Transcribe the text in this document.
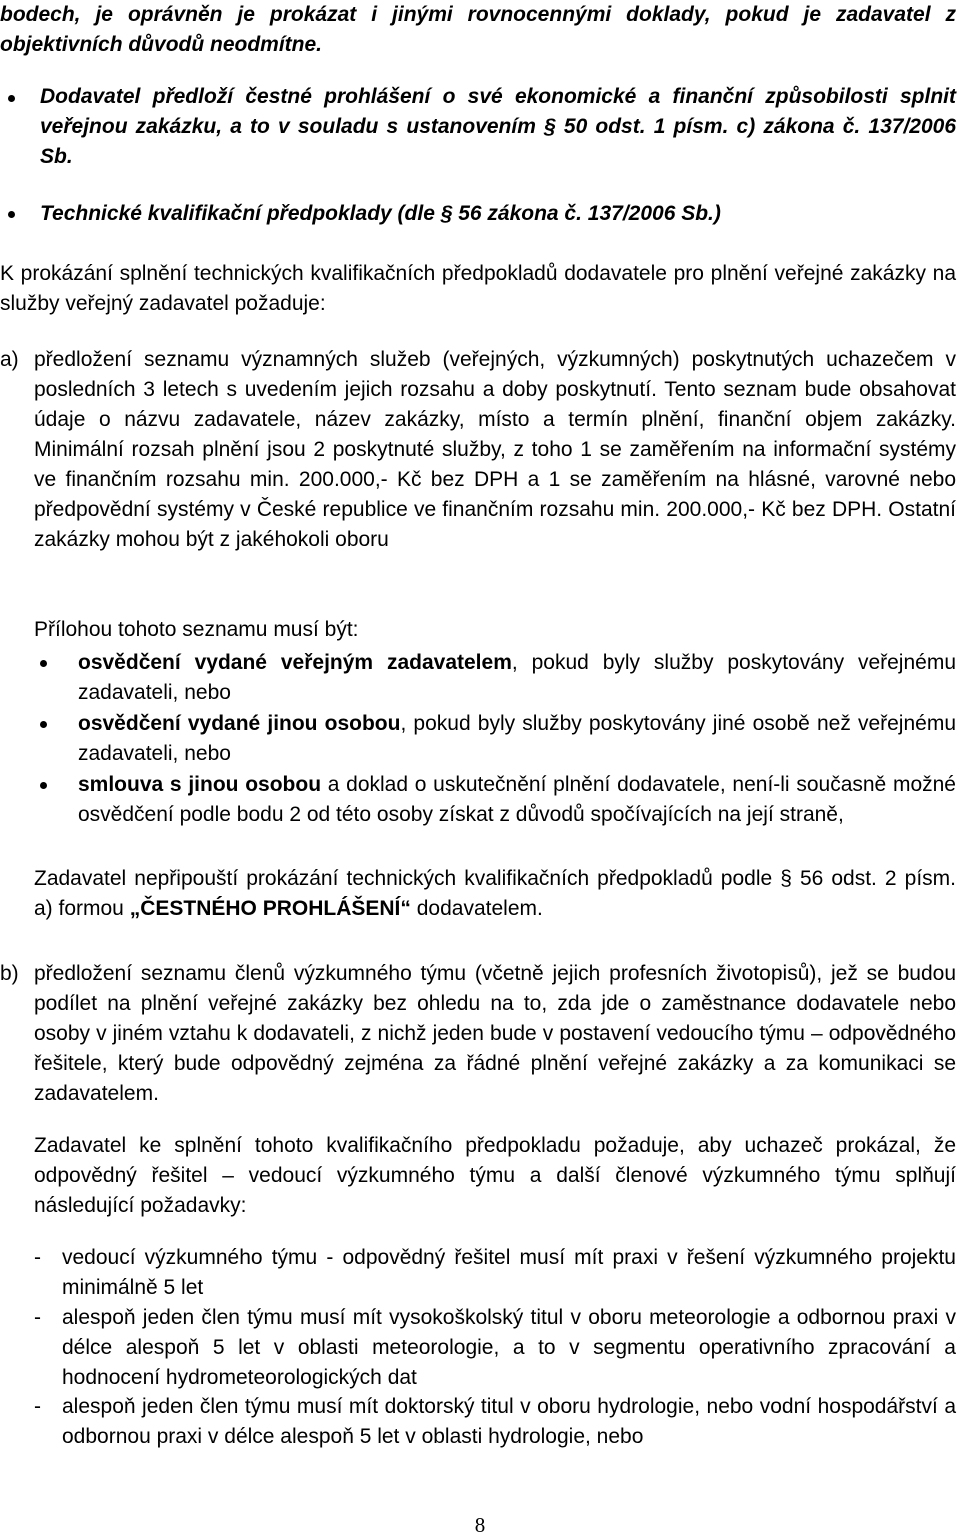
bodech, je oprávněn je prokázat i jinými rovnocennými doklady, pokud je zadavatel z objektivních důvodů neodmítne.
Dodavatel předloží čestné prohlášení o své ekonomické a finanční způsobilosti splnit veřejnou zakázku, a to v souladu s ustanovením § 50 odst. 1 písm. c) zákona č. 137/2006 Sb.
Technické kvalifikační předpoklady (dle § 56 zákona č. 137/2006 Sb.)
K prokázání splnění technických kvalifikačních předpokladů dodavatele pro plnění veřejné zakázky na služby veřejný zadavatel požaduje:
a) předložení seznamu významných služeb (veřejných, výzkumných) poskytnutých uchazečem v posledních 3 letech s uvedením jejich rozsahu a doby poskytnutí. Tento seznam bude obsahovat údaje o názvu zadavatele, název zakázky, místo a termín plnění, finanční objem zakázky. Minimální rozsah plnění jsou 2 poskytnuté služby, z toho 1 se zaměřením na informační systémy ve finančním rozsahu min. 200.000,- Kč bez DPH a 1 se zaměřením na hlásné, varovné nebo předpovědní systémy v České republice ve finančním rozsahu min. 200.000,- Kč bez DPH. Ostatní zakázky mohou být z jakéhokoli oboru
Přílohou tohoto seznamu musí být:
osvědčení vydané veřejným zadavatelem, pokud byly služby poskytovány veřejnému zadavateli, nebo
osvědčení vydané jinou osobou, pokud byly služby poskytovány jiné osobě než veřejnému zadavateli, nebo
smlouva s jinou osobou a doklad o uskutečnění plnění dodavatele, není-li současně možné osvědčení podle bodu 2 od této osoby získat z důvodů spočívajících na její straně,
Zadavatel nepřipouští prokázání technických kvalifikačních předpokladů podle § 56 odst. 2 písm. a) formou „ČESTNÉHO PROHLÁŠENÍ“ dodavatelem.
b) předložení seznamu členů výzkumného týmu (včetně jejich profesních životopisů), jež se budou podílet na plnění veřejné zakázky bez ohledu na to, zda jde o zaměstnance dodavatele nebo osoby v jiném vztahu k dodavateli, z nichž jeden bude v postavení vedoucího týmu – odpovědného řešitele, který bude odpovědný zejména za řádné plnění veřejné zakázky a za komunikaci se zadavatelem.
Zadavatel ke splnění tohoto kvalifikačního předpokladu požaduje, aby uchazeč prokázal, že odpovědný řešitel – vedoucí výzkumného týmu a další členové výzkumného týmu splňují následující požadavky:
- vedoucí výzkumného týmu - odpovědný řešitel musí mít praxi v řešení výzkumného projektu minimálně 5 let
- alespoň jeden člen týmu musí mít vysokoškolský titul v oboru meteorologie a odbornou praxi v délce alespoň 5 let v oblasti meteorologie, a to v segmentu operativního zpracování a hodnocení hydrometeorologických dat
- alespoň jeden člen týmu musí mít doktorský titul v oboru hydrologie, nebo vodní hospodářství a odbornou praxi v délce alespoň 5 let v oblasti hydrologie, nebo
8
